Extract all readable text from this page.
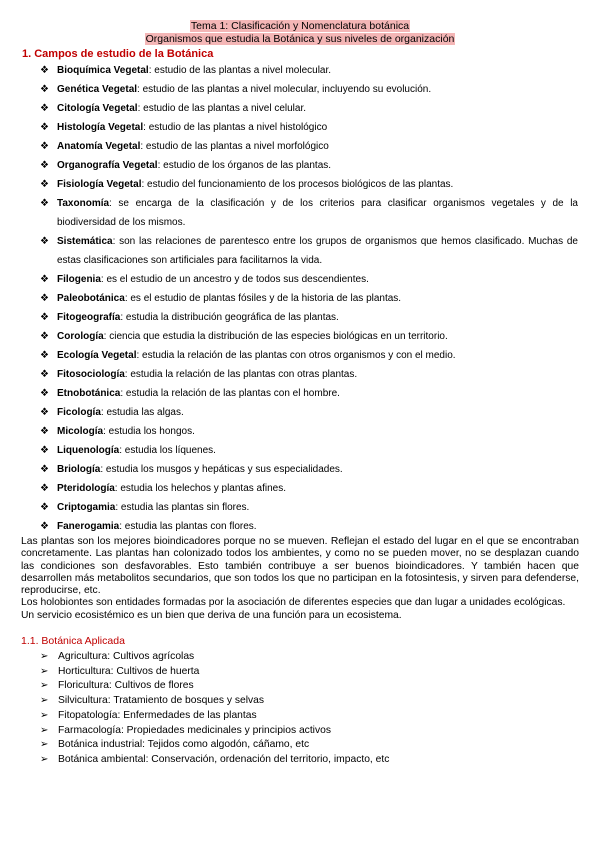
Tema 1: Clasificación y Nomenclatura botánica
Organismos que estudia la Botánica y sus niveles de organización
1. Campos de estudio de la Botánica
❖ Bioquímica Vegetal: estudio de las plantas a nivel molecular.
❖ Genética Vegetal: estudio de las plantas a nivel molecular, incluyendo su evolución.
❖ Citología Vegetal: estudio de las plantas a nivel celular.
❖ Histología Vegetal: estudio de las plantas a nivel histológico
❖ Anatomía Vegetal: estudio de las plantas a nivel morfológico
❖ Organografía Vegetal: estudio de los órganos de las plantas.
❖ Fisiología Vegetal: estudio del funcionamiento de los procesos biológicos de las plantas.
❖ Taxonomía: se encarga de la clasificación y de los criterios para clasificar organismos vegetales y de la biodiversidad de los mismos.
❖ Sistemática: son las relaciones de parentesco entre los grupos de organismos que hemos clasificado. Muchas de estas clasificaciones son artificiales para facilitarnos la vida.
❖ Filogenia: es el estudio de un ancestro y de todos sus descendientes.
❖ Paleobotánica: es el estudio de plantas fósiles y de la historia de las plantas.
❖ Fitogeografía: estudia la distribución geográfica de las plantas.
❖ Corología: ciencia que estudia la distribución de las especies biológicas en un territorio.
❖ Ecología Vegetal: estudia la relación de las plantas con otros organismos y con el medio.
❖ Fitosociología: estudia la relación de las plantas con otras plantas.
❖ Etnobotánica: estudia la relación de las plantas con el hombre.
❖ Ficología: estudia las algas.
❖ Micología: estudia los hongos.
❖ Liquenología: estudia los líquenes.
❖ Briología: estudia los musgos y hepáticas y sus especialidades.
❖ Pteridología: estudia los helechos y plantas afines.
❖ Criptogamia: estudia las plantas sin flores.
❖ Fanerogamia: estudia las plantas con flores.
Las plantas son los mejores bioindicadores porque no se mueven. Reflejan el estado del lugar en el que se encontraban concretamente. Las plantas han colonizado todos los ambientes, y como no se pueden mover, no se desplazan cuando las condiciones son desfavorables. Esto también contribuye a ser buenos bioindicadores. Y también hacen que desarrollen más metabolitos secundarios, que son todos los que no participan en la fotosintesis, y sirven para defenderse, reproducirse, etc.
Los holobiontes son entidades formadas por la asociación de diferentes especies que dan lugar a unidades ecológicas.
Un servicio ecosistémico es un bien que deriva de una función para un ecosistema.
1.1. Botánica Aplicada
➢ Agricultura: Cultivos agrícolas
➢ Horticultura: Cultivos de huerta
➢ Floricultura: Cultivos de flores
➢ Silvicultura: Tratamiento de bosques y selvas
➢ Fitopatología: Enfermedades de las plantas
➢ Farmacología: Propiedades medicinales y principios activos
➢ Botánica industrial: Tejidos como algodón, cáñamo, etc
➢ Botánica ambiental: Conservación, ordenación del territorio, impacto, etc
